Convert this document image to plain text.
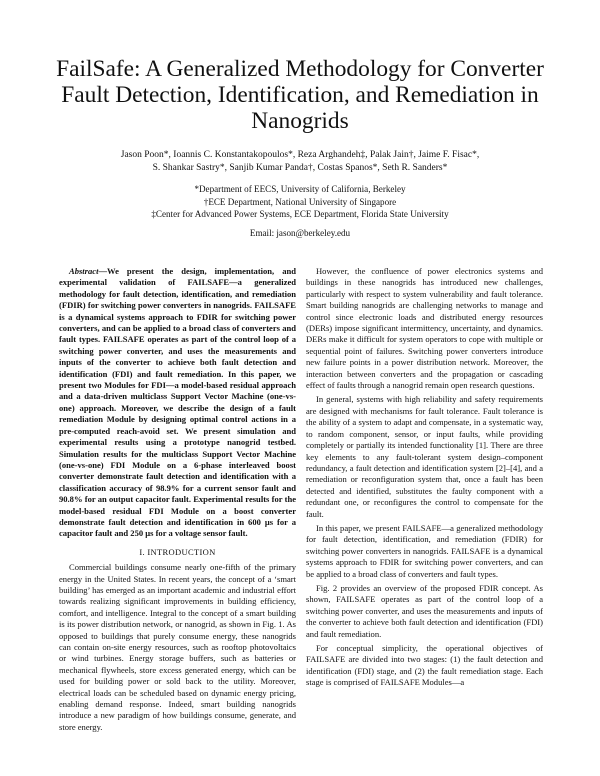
FailSafe: A Generalized Methodology for Converter
Fault Detection, Identification, and Remediation in
Nanogrids
Jason Poon*, Ioannis C. Konstantakopoulos*, Reza Arghandeh‡, Palak Jain†, Jaime F. Fisac*,
S. Shankar Sastry*, Sanjib Kumar Panda†, Costas Spanos*, Seth R. Sanders*
*Department of EECS, University of California, Berkeley
†ECE Department, National University of Singapore
‡Center for Advanced Power Systems, ECE Department, Florida State University
Email: jason@berkeley.edu

Abstract—We present the design, implementation, and experimental validation of FAILSAFE—a generalized methodology for fault detection, identification, and remediation (FDIR) for switching power converters in nanogrids. FAILSAFE is a dynamical systems approach to FDIR for switching power converters, and can be applied to a broad class of converters and fault types. FAILSAFE operates as part of the control loop of a switching power converter, and uses the measurements and inputs of the converter to achieve both fault detection and identification (FDI) and fault remediation. In this paper, we present two Modules for FDI—a model-based residual approach and a data-driven multiclass Support Vector Machine (one-vs-one) approach. Moreover, we describe the design of a fault remediation Module by designing optimal control actions in a pre-computed reach-avoid set. We present simulation and experimental results using a prototype nanogrid testbed. Simulation results for the multiclass Support Vector Machine (one-vs-one) FDI Module on a 6-phase interleaved boost converter demonstrate fault detection and identification with a classification accuracy of 98.9% for a current sensor fault and 90.8% for an output capacitor fault. Experimental results for the model-based residual FDI Module on a boost converter demonstrate fault detection and identification in 600 μs for a capacitor fault and 250 μs for a voltage sensor fault.

I. INTRODUCTION

Commercial buildings consume nearly one-fifth of the primary energy in the United States. In recent years, the concept of a ‘smart building’ has emerged as an important academic and industrial effort towards realizing significant improvements in building efficiency, comfort, and intelligence. Integral to the concept of a smart building is its power distribution network, or nanogrid, as shown in Fig. 1. As opposed to buildings that purely consume energy, these nanogrids can contain on-site energy resources, such as rooftop photovoltaics or wind turbines. Energy storage buffers, such as batteries or mechanical flywheels, store excess generated energy, which can be used for building power or sold back to the utility. Moreover, electrical loads can be scheduled based on dynamic energy pricing, enabling demand response. Indeed, smart building nanogrids introduce a new paradigm of how buildings consume, generate, and store energy.

However, the confluence of power electronics systems and buildings in these nanogrids has introduced new challenges, particularly with respect to system vulnerability and fault tolerance. Smart building nanogrids are challenging networks to manage and control since electronic loads and distributed energy resources (DERs) impose significant intermittency, uncertainty, and dynamics. DERs make it difficult for system operators to cope with multiple or sequential point of failures. Switching power converters introduce new failure points in a power distribution network. Moreover, the interaction between converters and the propagation or cascading effect of faults through a nanogrid remain open research questions.

In general, systems with high reliability and safety requirements are designed with mechanisms for fault tolerance. Fault tolerance is the ability of a system to adapt and compensate, in a systematic way, to random component, sensor, or input faults, while providing completely or partially its intended functionality [1]. There are three key elements to any fault-tolerant system design–component redundancy, a fault detection and identification system [2]–[4], and a remediation or reconfiguration system that, once a fault has been detected and identified, substitutes the faulty component with a redundant one, or reconfigures the control to compensate for the fault.

In this paper, we present FAILSAFE—a generalized methodology for fault detection, identification, and remediation (FDIR) for switching power converters in nanogrids. FAILSAFE is a dynamical systems approach to FDIR for switching power converters, and can be applied to a broad class of converters and fault types.

Fig. 2 provides an overview of the proposed FDIR concept. As shown, FAILSAFE operates as part of the control loop of a switching power converter, and uses the measurements and inputs of the converter to achieve both fault detection and identification (FDI) and fault remediation.

For conceptual simplicity, the operational objectives of FAILSAFE are divided into two stages: (1) the fault detection and identification (FDI) stage, and (2) the fault remediation stage. Each stage is comprised of FAILSAFE Modules—a
